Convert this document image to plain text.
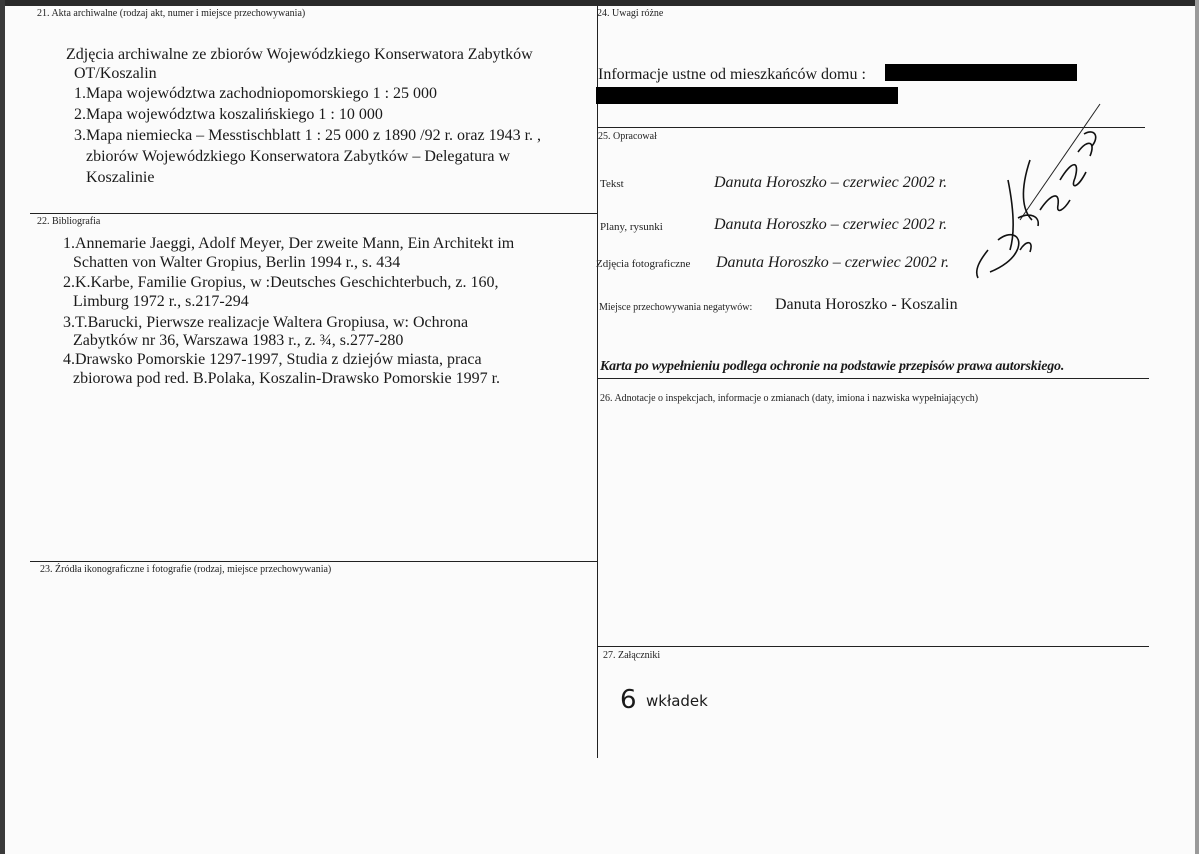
21. Akta archiwalne (rodzaj akt, numer i miejsce przechowywania)
Zdjęcia archiwalne ze zbiorów Wojewódzkiego Konserwatora Zabytków
OT/Koszalin
1.Mapa województwa zachodniopomorskiego 1 : 25 000
2.Mapa województwa koszalińskiego 1 : 10 000
3.Mapa niemiecka – Messtischblatt 1 : 25 000 z 1890 /92 r. oraz 1943 r. ,
zbiorów Wojewódzkiego Konserwatora Zabytków – Delegatura w
Koszalinie
22. Bibliografia
1.Annemarie Jaeggi, Adolf Meyer, Der zweite Mann, Ein Architekt im
Schatten von Walter Gropius, Berlin 1994 r., s. 434
2.K.Karbe, Familie Gropius, w :Deutsches Geschichterbuch, z. 160,
Limburg 1972 r., s.217-294
3.T.Barucki, Pierwsze realizacje Waltera Gropiusa, w: Ochrona
Zabytków nr 36, Warszawa 1983 r., z. ¾, s.277-280
4.Drawsko Pomorskie 1297-1997, Studia z dziejów miasta, praca
zbiorowa pod red. B.Polaka, Koszalin-Drawsko Pomorskie 1997 r.
23. Źródła ikonograficzne i fotografie (rodzaj, miejsce przechowywania)
24. Uwagi różne
Informacje ustne od mieszkańców domu :
25. Opracował
Tekst	Danuta Horoszko – czerwiec 2002 r.
Plany, rysunki	Danuta Horoszko – czerwiec 2002 r.
Zdjęcia fotograficzne Danuta Horoszko – czerwiec 2002 r.
Miejsce przechowywania negatywów: Danuta Horoszko - Koszalin
Karta po wypełnieniu podlega ochronie na podstawie przepisów prawa autorskiego.
26. Adnotacje o inspekcjach, informacje o zmianach (daty, imiona i nazwiska wypełniających)
27. Załączniki
6 wkładek
